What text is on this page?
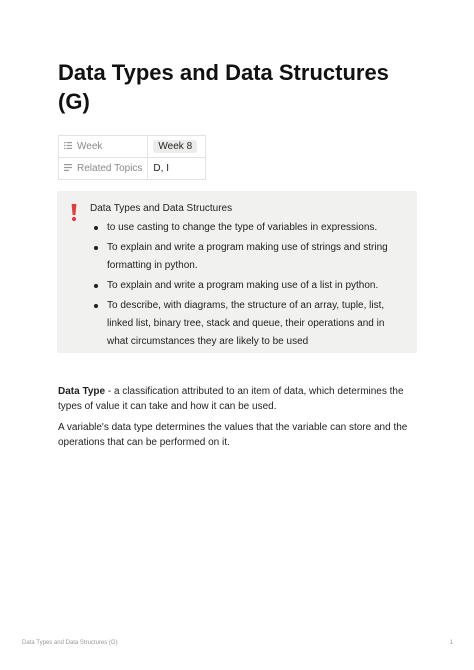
Data Types and Data Structures (G)
Week	Week 8

Related Topics	D, I
Data Types and Data Structures
to use casting to change the type of variables in expressions.
To explain and write a program making use of strings and string formatting in python.
To explain and write a program making use of a list in python.
To describe, with diagrams, the structure of an array, tuple, list, linked list, binary tree, stack and queue, their operations and in what circumstances they are likely to be used

Data Type - a classification attributed to an item of data, which determines the types of value it can take and how it can be used.

A variable's data type determines the values that the variable can store and the operations that can be performed on it.

Data Types and Data Structures (G)	1
